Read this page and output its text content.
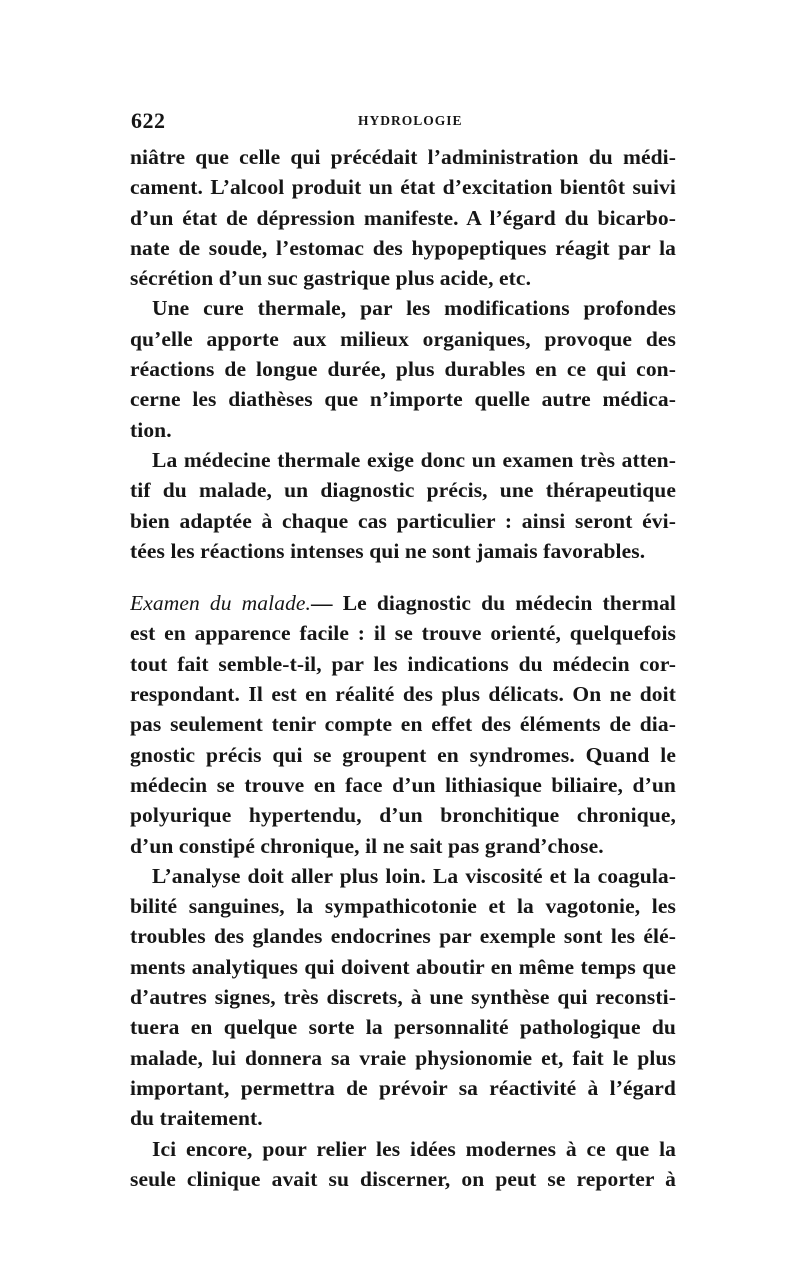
622	HYDROLOGIE
niâtre que celle qui précédait l’administration du médi-
cament. L’alcool produit un état d’excitation bientôt suivi
d’un état de dépression manifeste. A l’égard du bicarbo-
nate de soude, l’estomac des hypopeptiques réagit par la
sécrétion d’un suc gastrique plus acide, etc.
Une cure thermale, par les modifications profondes
qu’elle apporte aux milieux organiques, provoque des
réactions de longue durée, plus durables en ce qui con-
cerne les diathèses que n’importe quelle autre médica-
tion.
La médecine thermale exige donc un examen très atten-
tif du malade, un diagnostic précis, une thérapeutique
bien adaptée à chaque cas particulier : ainsi seront évi-
tées les réactions intenses qui ne sont jamais favorables.
Examen du malade.— Le diagnostic du médecin thermal
est en apparence facile : il se trouve orienté, quelquefois
tout fait semble-t-il, par les indications du médecin cor-
respondant. Il est en réalité des plus délicats. On ne doit
pas seulement tenir compte en effet des éléments de dia-
gnostic précis qui se groupent en syndromes. Quand le
médecin se trouve en face d’un lithiasique biliaire, d’un
polyurique hypertendu, d’un bronchitique chronique,
d’un constipé chronique, il ne sait pas grand’chose.
L’analyse doit aller plus loin. La viscosité et la coagula-
bilité sanguines, la sympathicotonie et la vagotonie, les
troubles des glandes endocrines par exemple sont les élé-
ments analytiques qui doivent aboutir en même temps que
d’autres signes, très discrets, à une synthèse qui reconsti-
tuera en quelque sorte la personnalité pathologique du
malade, lui donnera sa vraie physionomie et, fait le plus
important, permettra de prévoir sa réactivité à l’égard
du traitement.
Ici encore, pour relier les idées modernes à ce que la
seule clinique avait su discerner, on peut se reporter à
